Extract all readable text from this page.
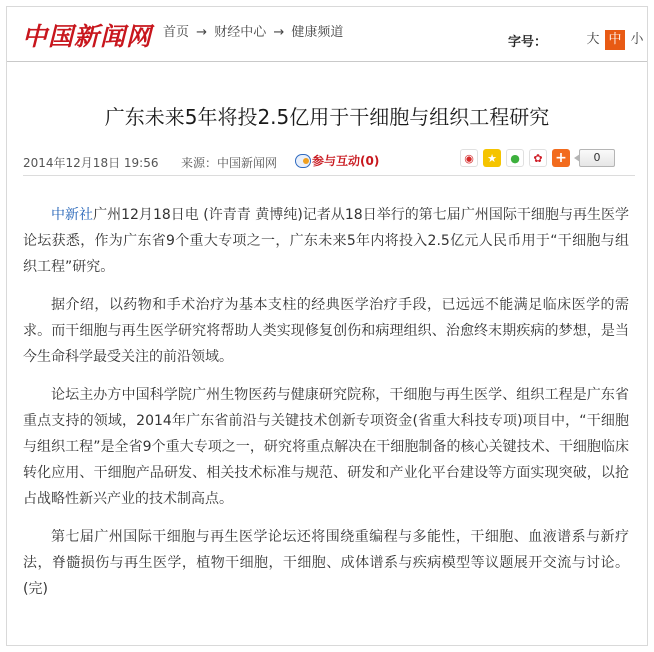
中国新闻网 首页 → 财经中心 → 健康频道
字号：	大 中 小
广东未来5年将投2.5亿用于干细胞与组织工程研究
2014年12月18日 19:56 来源：中国新闻网	参与互动(0)	◉	★	●	✿ +	0

中新社广州12月18日电 (许青青 黄博纯)记者从18日举行的第七届广州国际干细胞与再生医学论坛获悉，作为广东省9个重大专项之一，广东未来5年内将投入2.5亿元人民币用于“干细胞与组织工程”研究。

据介绍，以药物和手术治疗为基本支柱的经典医学治疗手段，已远远不能满足临床医学的需求。而干细胞与再生医学研究将帮助人类实现修复创伤和病理组织、治愈终末期疾病的梦想，是当今生命科学最受关注的前沿领域。

论坛主办方中国科学院广州生物医药与健康研究院称，干细胞与再生医学、组织工程是广东省重点支持的领域，2014年广东省前沿与关键技术创新专项资金(省重大科技专项)项目中，“干细胞与组织工程”是全省9个重大专项之一，研究将重点解决在干细胞制备的核心关键技术、干细胞临床转化应用、干细胞产品研发、相关技术标准与规范、研发和产业化平台建设等方面实现突破，以抢占战略性新兴产业的技术制高点。

第七届广州国际干细胞与再生医学论坛还将围绕重编程与多能性，干细胞、血液谱系与新疗法，脊髓损伤与再生医学，植物干细胞，干细胞、成体谱系与疾病模型等议题展开交流与讨论。(完)
